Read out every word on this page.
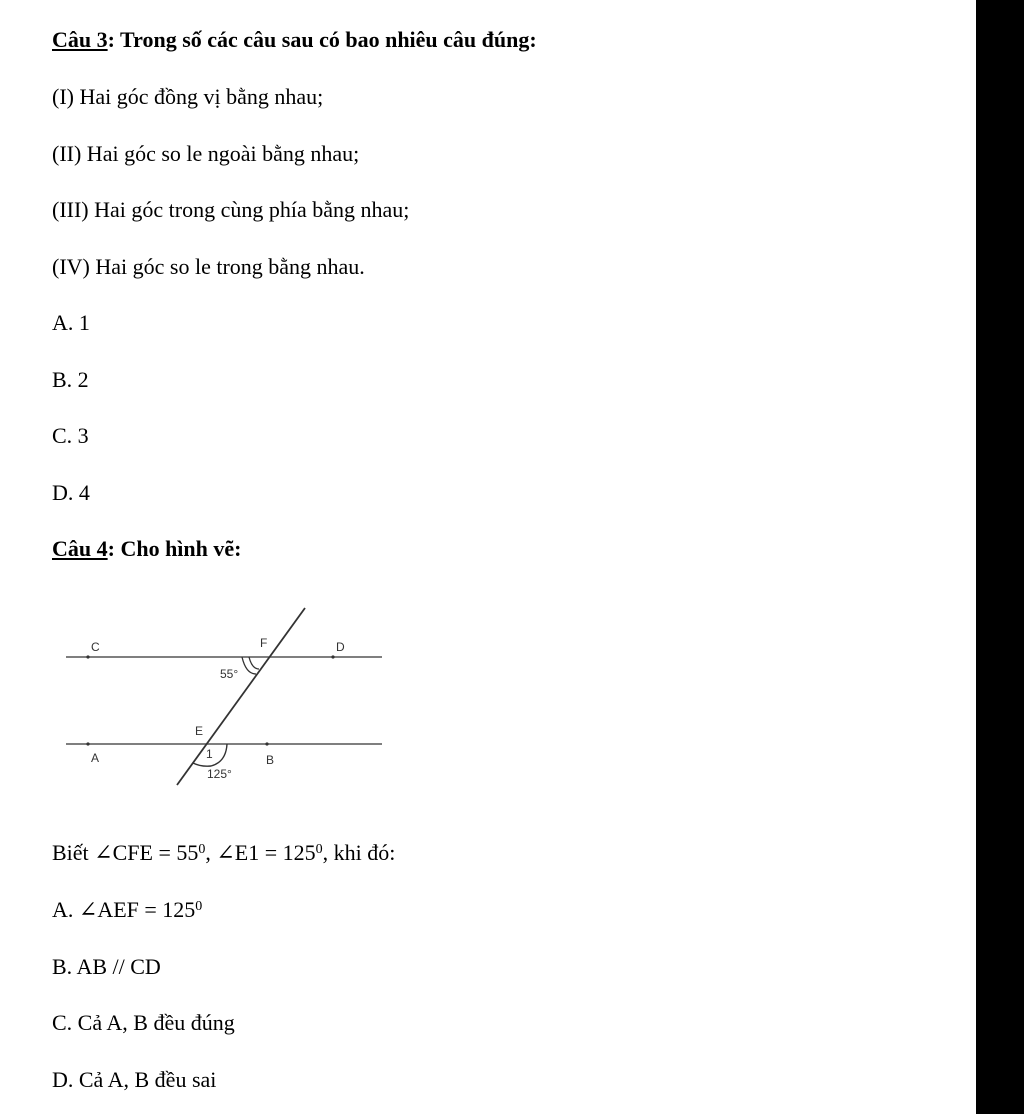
Câu 3: Trong số các câu sau có bao nhiêu câu đúng:
(I) Hai góc đồng vị bằng nhau;
(II) Hai góc so le ngoài bằng nhau;
(III) Hai góc trong cùng phía bằng nhau;
(IV) Hai góc so le trong bằng nhau.
A. 1
B. 2
C. 3
D. 4
Câu 4: Cho hình vẽ:
C	F	D
55°
E
A	1	B
125°
Biết ∠CFE = $55^0$, ∠E1 = $125^0$, khi đó:
A. ∠AEF = $125^0$
B. AB // CD
C. Cả A, B đều đúng
D. Cả A, B đều sai
